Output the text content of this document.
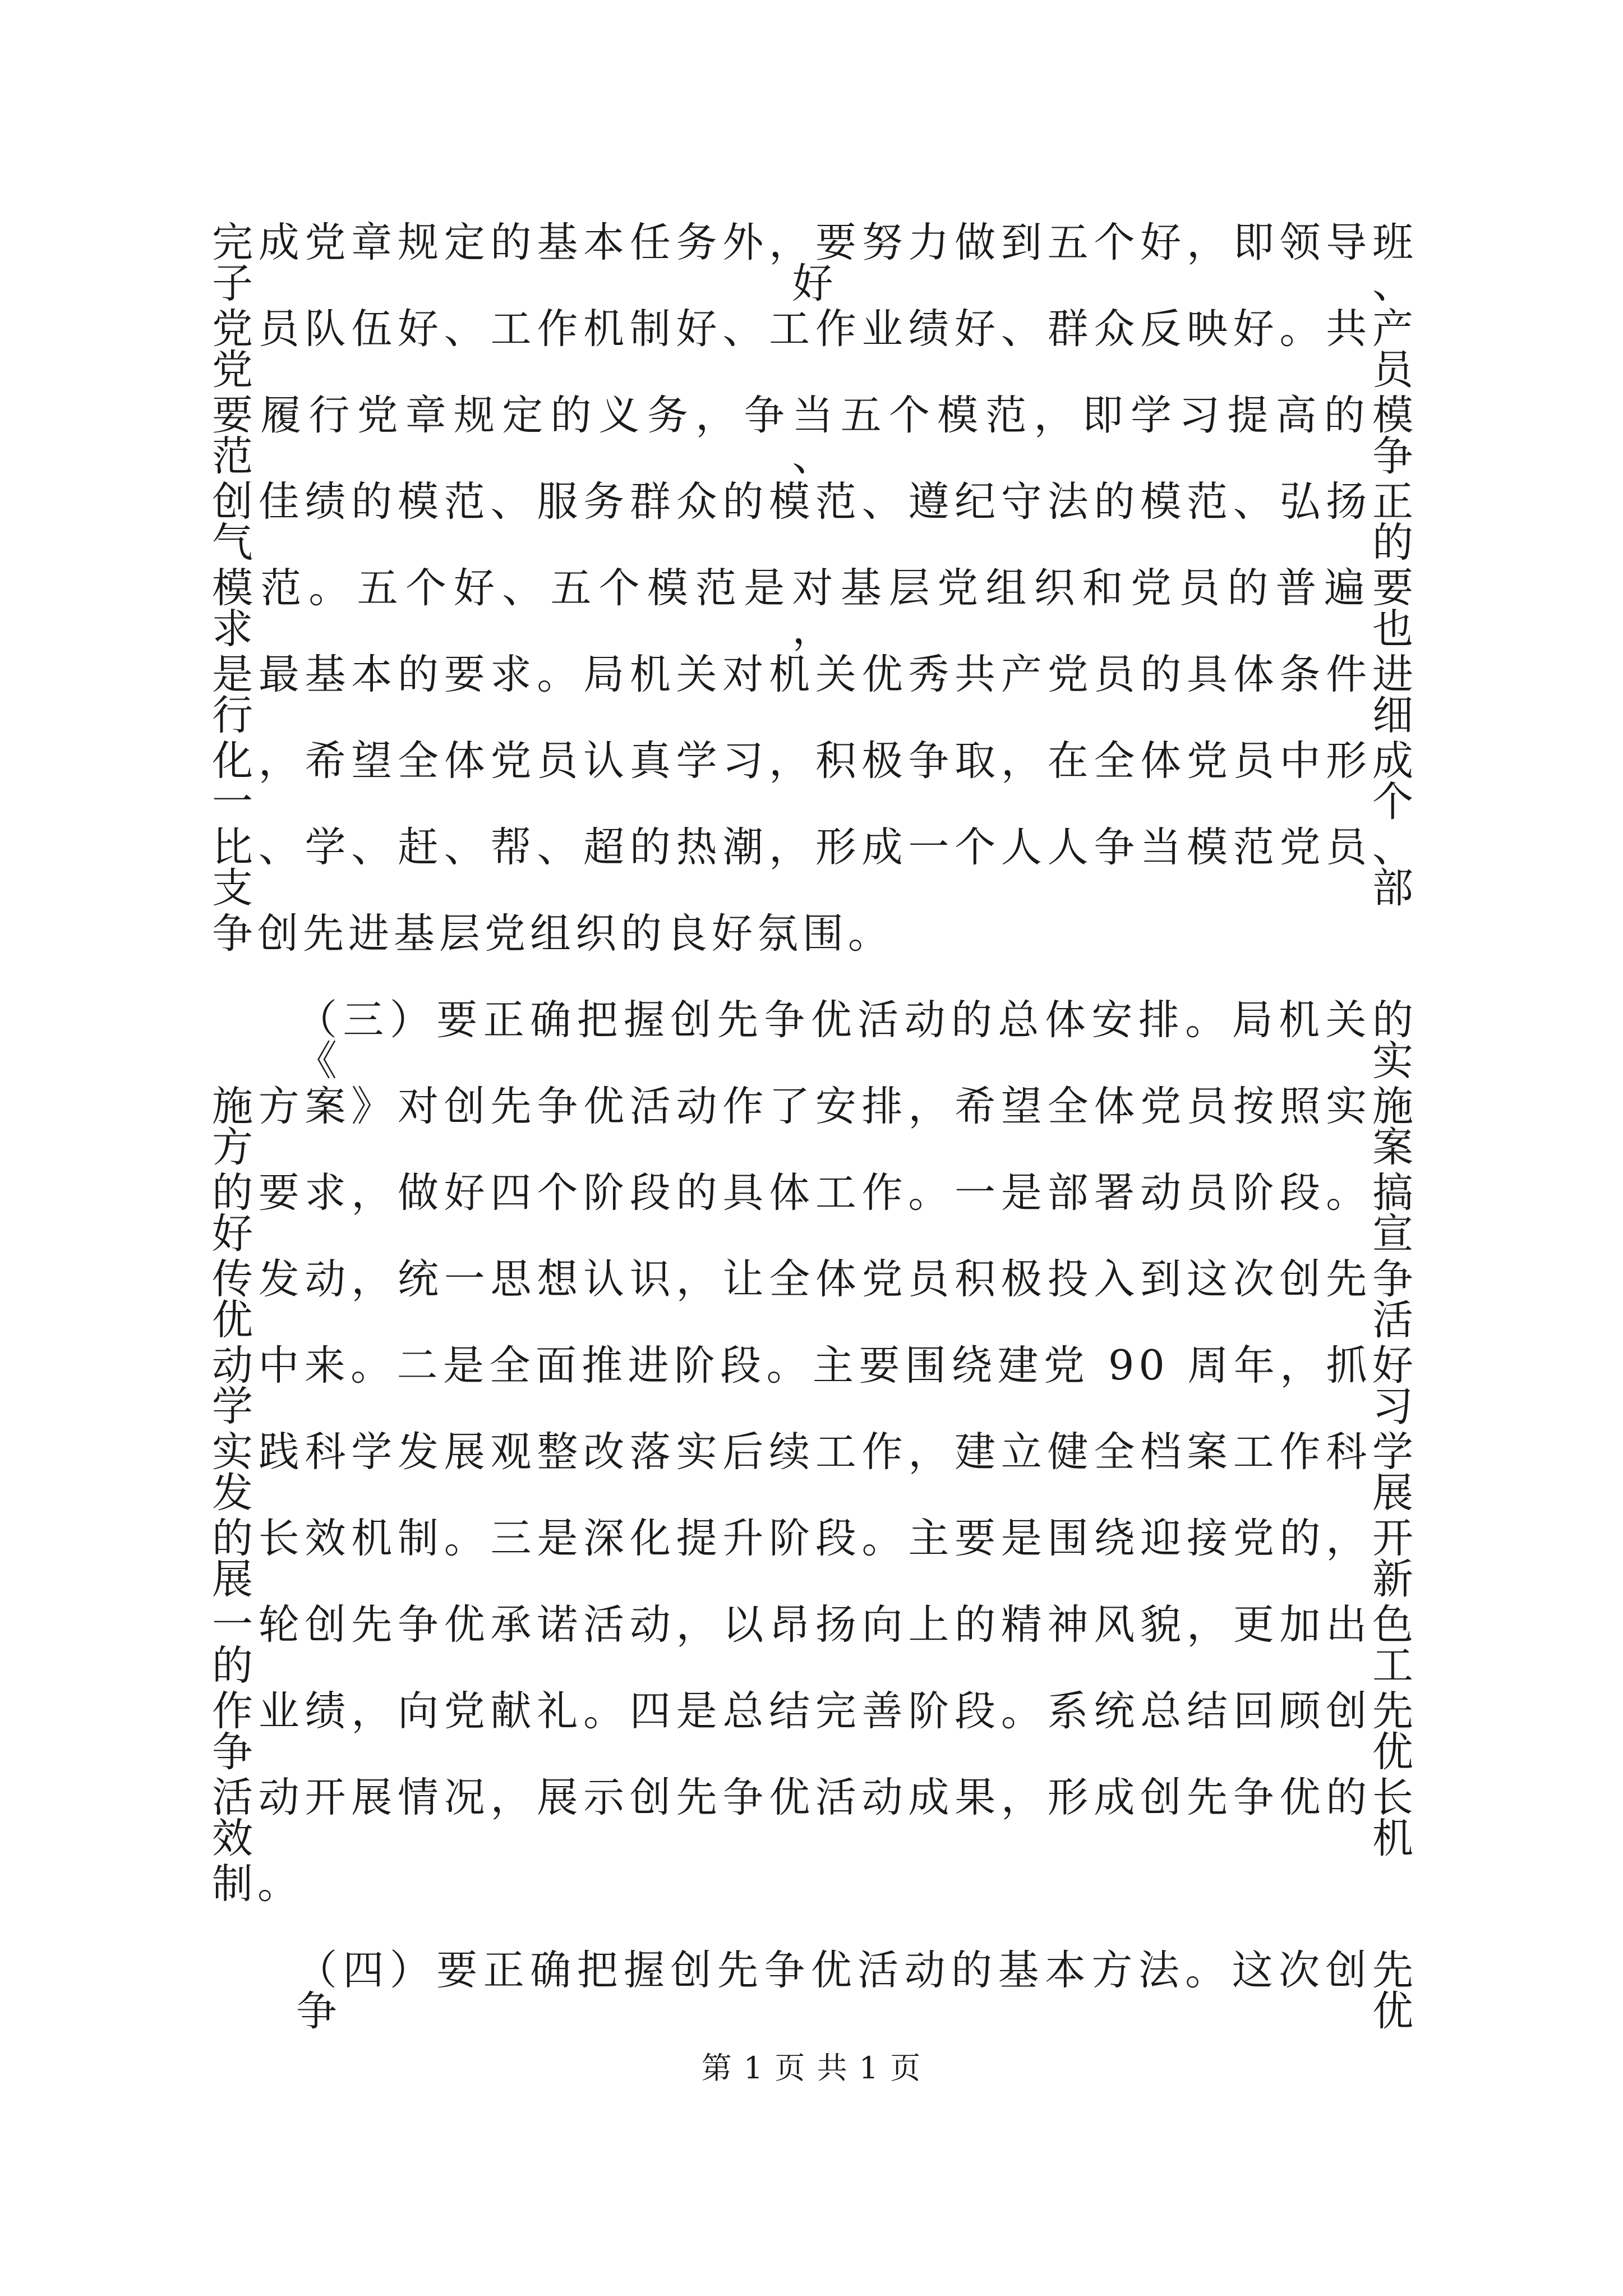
完成党章规定的基本任务外，要努力做到五个好，即领导班子好、
党员队伍好、工作机制好、工作业绩好、群众反映好。共产党员
要履行党章规定的义务，争当五个模范，即学习提高的模范、争
创佳绩的模范、服务群众的模范、遵纪守法的模范、弘扬正气的
模范。五个好、五个模范是对基层党组织和党员的普遍要求，也
是最基本的要求。局机关对机关优秀共产党员的具体条件进行细
化，希望全体党员认真学习，积极争取，在全体党员中形成一个
比、学、赶、帮、超的热潮，形成一个人人争当模范党员、支部
争创先进基层党组织的良好氛围。
（三）要正确把握创先争优活动的总体安排。局机关的《实
施方案》对创先争优活动作了安排，希望全体党员按照实施方案
的要求，做好四个阶段的具体工作。一是部署动员阶段。搞好宣
传发动，统一思想认识，让全体党员积极投入到这次创先争优活
动中来。二是全面推进阶段。主要围绕建党 90 周年，抓好学习
实践科学发展观整改落实后续工作，建立健全档案工作科学发展
的长效机制。三是深化提升阶段。主要是围绕迎接党的，开展新
一轮创先争优承诺活动，以昂扬向上的精神风貌，更加出色的工
作业绩，向党献礼。四是总结完善阶段。系统总结回顾创先争优
活动开展情况，展示创先争优活动成果，形成创先争优的长效机
制。
（四）要正确把握创先争优活动的基本方法。这次创先争优
第 1 页 共 1 页
